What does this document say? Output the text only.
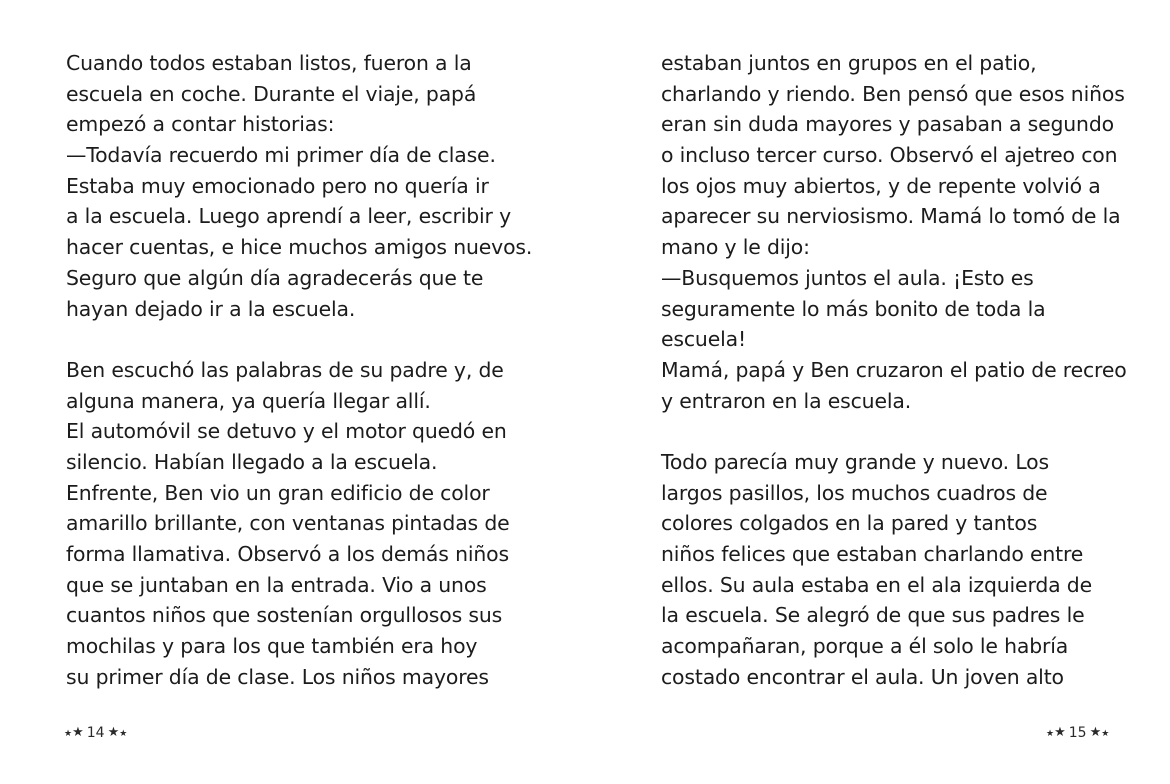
Cuando todos estaban listos, fueron a la
escuela en coche. Durante el viaje, papá
empezó a contar historias:
—Todavía recuerdo mi primer día de clase.
Estaba muy emocionado pero no quería ir
a la escuela. Luego aprendí a leer, escribir y
hacer cuentas, e hice muchos amigos nuevos.
Seguro que algún día agradecerás que te
hayan dejado ir a la escuela.
Ben escuchó las palabras de su padre y, de
alguna manera, ya quería llegar allí.
El automóvil se detuvo y el motor quedó en
silencio. Habían llegado a la escuela.
Enfrente, Ben vio un gran edificio de color
amarillo brillante, con ventanas pintadas de
forma llamativa. Observó a los demás niños
que se juntaban en la entrada. Vio a unos
cuantos niños que sostenían orgullosos sus
mochilas y para los que también era hoy
su primer día de clase. Los niños mayores
★ ★ 14 ★ ★
estaban juntos en grupos en el patio,
charlando y riendo. Ben pensó que esos niños
eran sin duda mayores y pasaban a segundo
o incluso tercer curso. Observó el ajetreo con
los ojos muy abiertos, y de repente volvió a
aparecer su nerviosismo. Mamá lo tomó de la
mano y le dijo:
—Busquemos juntos el aula. ¡Esto es
seguramente lo más bonito de toda la
escuela!
Mamá, papá y Ben cruzaron el patio de recreo
y entraron en la escuela.
Todo parecía muy grande y nuevo. Los
largos pasillos, los muchos cuadros de
colores colgados en la pared y tantos
niños felices que estaban charlando entre
ellos. Su aula estaba en el ala izquierda de
la escuela. Se alegró de que sus padres le
acompañaran, porque a él solo le habría
costado encontrar el aula. Un joven alto
★ ★ 15 ★ ★
